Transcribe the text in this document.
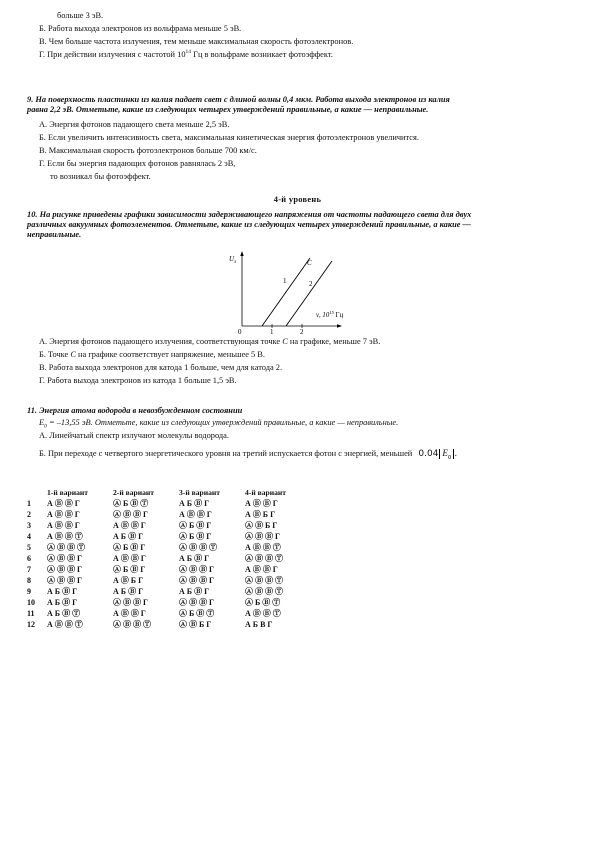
больше 3 эВ.
Б. Работа выхода электронов из вольфрама меньше 5 эВ.
В. Чем больше частота излучения, тем меньше максимальная скорость фотоэлектронов.
Г. При действии излучения с частотой $10^{14}$ Гц в вольфраме возникает фотоэффект.
9. На поверхность пластинки из калия падает свет с длиной волны 0,4 мкм. Работа выхода электронов из калия
равна 2,2 эВ. Отметьте, какие из следующих четырех утверждений правильные, а какие — неправильные.
А. Энергия фотонов падающего света меньше 2,5 эВ.
Б. Если увеличить интенсивность света, максимальная кинетическая энергия фотоэлектронов увеличится.
В. Максимальная скорость фотоэлектронов больше 700 км/с.
Г. Если бы энергия падающих фотонов равнялась 2 эВ,
то возникал бы фотоэффект.
4-й уровень
10. На рисунке приведены графики зависимости задерживающего напряжения от частоты падающего света для двух
различных вакуумных фотоэлементов. Отметьте, какие из следующих четырех утверждений правильные, а какие —
неправильные.
$U_з$
0	1	2
1	2
C
ν, $10^{15}$ Гц
А. Энергия фотонов падающего излучения, соответствующая точке С на графике, меньше 7 эВ.
Б. Точке С на графике соответствует напряжение, меньшее 5 В.
В. Работа выхода электронов для катода 1 больше, чем для катода 2.
Г. Работа выхода электронов из катода 1 больше 1,5 эВ.
11. Энергия атома водорода в невозбужденном состоянии
$E_0 = -13,55$ эВ. Отметьте, какие из следующих утверждений правильные, а какие — неправильные.
А. Линейчатый спектр излучают молекулы водорода.
Б. При переходе с четвертого энергетического уровня на третий испускается фотон с энергией, меньшей 0.04 $E_0$ .
	1-й вариант	2-й вариант	3-й вариант	4-й вариант
1	А Ⓑ Ⓑ Г	Ⓐ Б Ⓑ Ⓣ	А Б Ⓑ Г	А Ⓑ Ⓑ Г
2	А Ⓑ Ⓑ Г	Ⓐ Ⓑ Ⓑ Г	А Ⓑ Ⓑ Г	А Ⓑ Б Г
3	А Ⓑ Ⓑ Г	А Ⓑ Ⓑ Г	Ⓐ Б Ⓑ Г	Ⓐ Ⓑ Б Г
4	А Ⓑ Ⓑ Ⓣ	А Б Ⓑ Г	Ⓐ Б Ⓑ Г	Ⓐ Ⓑ Ⓑ Г
5	Ⓐ Ⓑ Ⓑ Ⓣ	Ⓐ Б Ⓑ Г	Ⓐ Ⓑ Ⓑ Ⓣ	А Ⓑ Ⓑ Ⓣ
6	Ⓐ Ⓑ Ⓑ Г	А Ⓑ Ⓑ Г	А Б Ⓑ Г	Ⓐ Ⓑ Ⓑ Ⓣ
7	Ⓐ Ⓑ Ⓑ Г	Ⓐ Б Ⓑ Г	Ⓐ Ⓑ Ⓑ Г	А Ⓑ Ⓑ Г
8	Ⓐ Ⓑ Ⓑ Г	А Ⓑ Б Г	Ⓐ Ⓑ Ⓑ Г	Ⓐ Ⓑ Ⓑ Ⓣ
9	А Б Ⓑ Г	А Б Ⓑ Г	А Б Ⓑ Г	Ⓐ Ⓑ Ⓑ Ⓣ
10	А Б Ⓑ Г	Ⓐ Ⓑ Ⓑ Г	Ⓐ Ⓑ Ⓑ Г	Ⓐ Б Ⓑ Ⓣ
11	А Б Ⓑ Ⓣ	А Ⓑ Ⓑ Г	Ⓐ Б Ⓑ Ⓣ	А Ⓑ Ⓑ Ⓣ
12	А Ⓑ Ⓑ Ⓣ	Ⓐ Ⓑ Ⓑ Ⓣ	Ⓐ Ⓑ Б Г	А Б В Г
